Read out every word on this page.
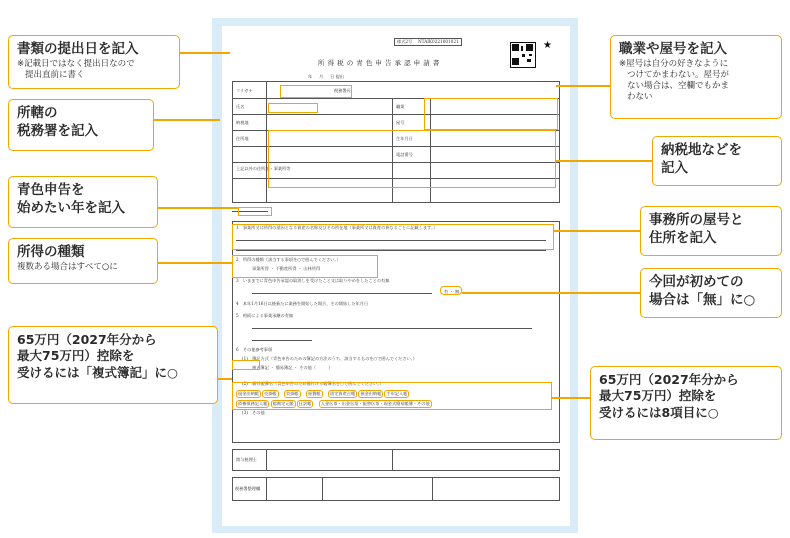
様式2号 NTAIK0221001021	★
所 得 税 の 青 色 申 告 承 認 申 請 書
年 　 月 　 日 提出
税務署長
フリガナ
氏名
納税地
住所地
上記以外の住所地・事業所等
職業
屋号
生年月日
電話番号
1　事業所又は所得の基因となる資産の名称及びその所在地（事業所又は資産の異なるごとに記載します。）
2　所得の種類（該当する事項を○で囲んでください。）
事業所得 ・ 不動産所得 ・ 山林所得
3　いままでに青色申告承認の取消しを受けたこと又は取りやめをしたことの有無
有 ・ 無
4　本年1月16日以後新たに業務を開始した場合、その開始した年月日
5　相続による事業承継の有無
6　その他参考事項
(1)　簿記方式（青色申告のための簿記の方法のうち、該当するものを○で囲んでください。）
複式簿記 ・ 簡易簿記 ・ その他（　　　）
(2)　備付帳簿名（青色申告のため備付ける帳簿名を○で囲んでください。）
(3)　その他
関与税理士
税務署整理欄
現金出納帳	売掛帳	買掛帳	経費帳	固定資産台帳	預金出納帳	手形記入帳
債権債務記入帳	総勘定元帳	仕訳帳	入金伝票・出金伝票・振替伝票・現金式簡易帳簿・その他
書類の提出日を記入
※記載日ではなく提出日なので
提出直前に書く
所轄の
税務署を記入
青色申告を
始めたい年を記入
所得の種類
複数ある場合はすべて○に
65万円（2027年分から
最大75万円）控除を
受けるには「複式簿記」に○
職業や屋号を記入
※屋号は自分の好きなように
つけてかまわない。屋号が
ない場合は、空欄でもかま
わない
納税地などを
記入
事務所の屋号と
住所を記入
今回が初めての
場合は「無」に○
65万円（2027年分から
最大75万円）控除を
受けるには8項目に○
